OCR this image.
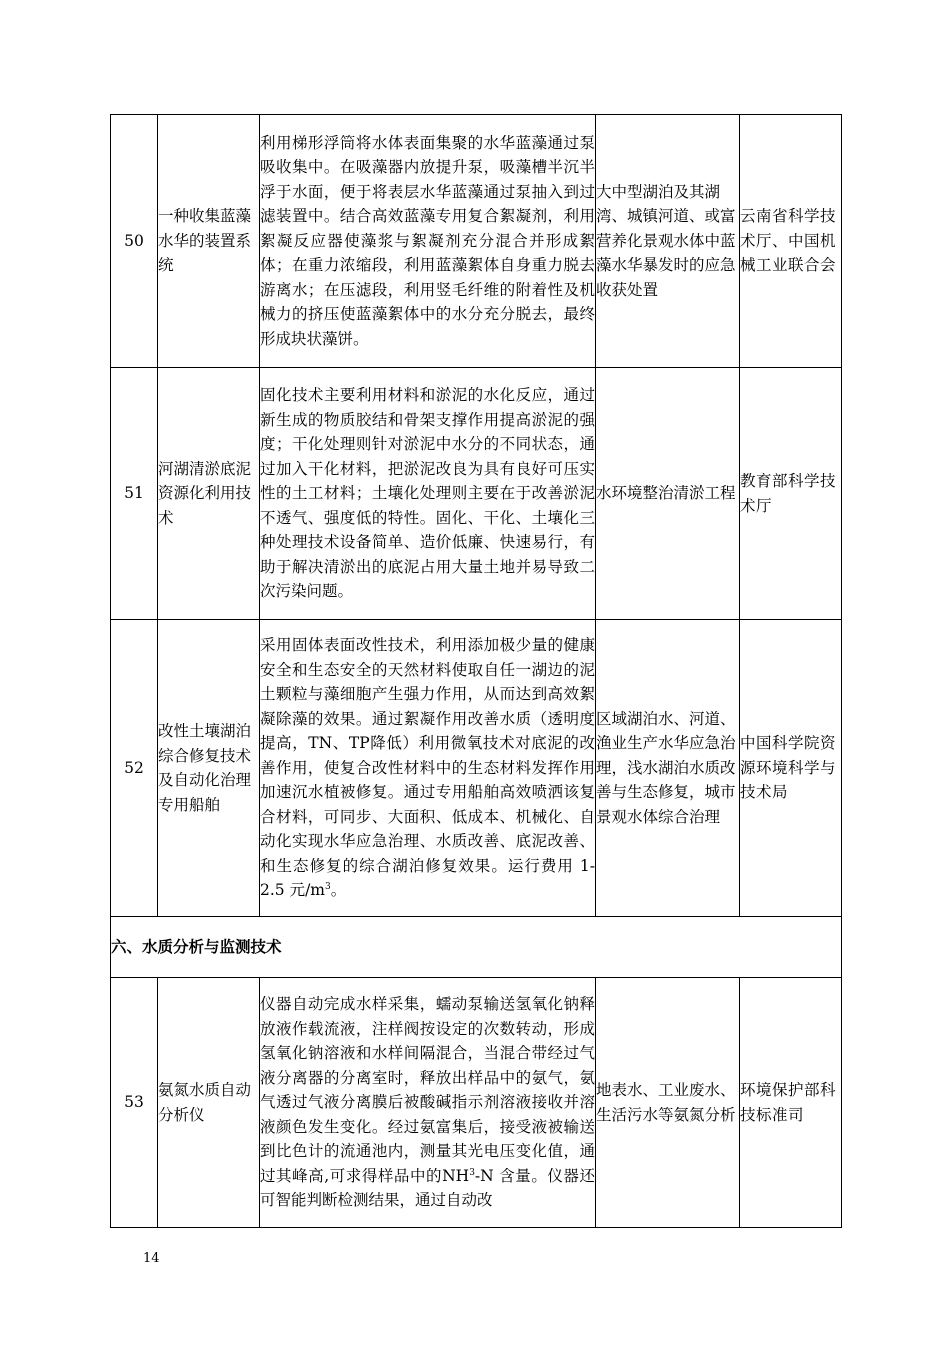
50	一种收集蓝藻水华的装置系统	利用梯形浮筒将水体表面集聚的水华蓝藻通过泵吸收集中。在吸藻器内放提升泵，吸藻槽半沉半浮于水面，便于将表层水华蓝藻通过泵抽入到过滤装置中。结合高效蓝藻专用复合絮凝剂，利用絮凝反应器使藻浆与絮凝剂充分混合并形成絮体；在重力浓缩段，利用蓝藻絮体自身重力脱去游离水；在压滤段，利用竖毛纤维的附着性及机械力的挤压使蓝藻絮体中的水分充分脱去，最终形成块状藻饼。	大中型湖泊及其湖湾、城镇河道、或富营养化景观水体中蓝藻水华暴发时的应急收获处置	云南省科学技术厅、中国机械工业联合会
51	河湖清淤底泥资源化利用技术	固化技术主要利用材料和淤泥的水化反应，通过新生成的物质胶结和骨架支撑作用提高淤泥的强度；干化处理则针对淤泥中水分的不同状态，通过加入干化材料，把淤泥改良为具有良好可压实性的土工材料；土壤化处理则主要在于改善淤泥不透气、强度低的特性。固化、干化、土壤化三种处理技术设备简单、造价低廉、快速易行，有助于解决清淤出的底泥占用大量土地并易导致二次污染问题。	水环境整治清淤工程	教育部科学技术厅
52	改性土壤湖泊综合修复技术及自动化治理专用船舶	采用固体表面改性技术，利用添加极少量的健康安全和生态安全的天然材料使取自任一湖边的泥土颗粒与藻细胞产生强力作用，从而达到高效絮凝除藻的效果。通过絮凝作用改善水质（透明度提高，TN、TP降低）利用微氧技术对底泥的改善作用，使复合改性材料中的生态材料发挥作用加速沉水植被修复。通过专用船舶高效喷洒该复合材料，可同步、大面积、低成本、机械化、自动化实现水华应急治理、水质改善、底泥改善、和生态修复的综合湖泊修复效果。运行费用 1-2.5 元$/m^3$。	区域湖泊水、河道、渔业生产水华应急治理，浅水湖泊水质改善与生态修复，城市景观水体综合治理	中国科学院资源环境科学与技术局
六、水质分析与监测技术				
53	氨氮水质自动分析仪	仪器自动完成水样采集，蠕动泵输送氢氧化钠释放液作载流液，注样阀按设定的次数转动，形成氢氧化钠溶液和水样间隔混合，当混合带经过气液分离器的分离室时，释放出样品中的氨气，氨气透过气液分离膜后被酸碱指示剂溶液接收并溶液颜色发生变化。经过氨富集后，接受液被输送到比色计的流通池内，测量其光电压变化值，通过其峰高,可求得样品中的$NH^3-N$ 含量。仪器还可智能判断检测结果，通过自动改	地表水、工业废水、生活污水等氨氮分析	环境保护部科技标准司
14
